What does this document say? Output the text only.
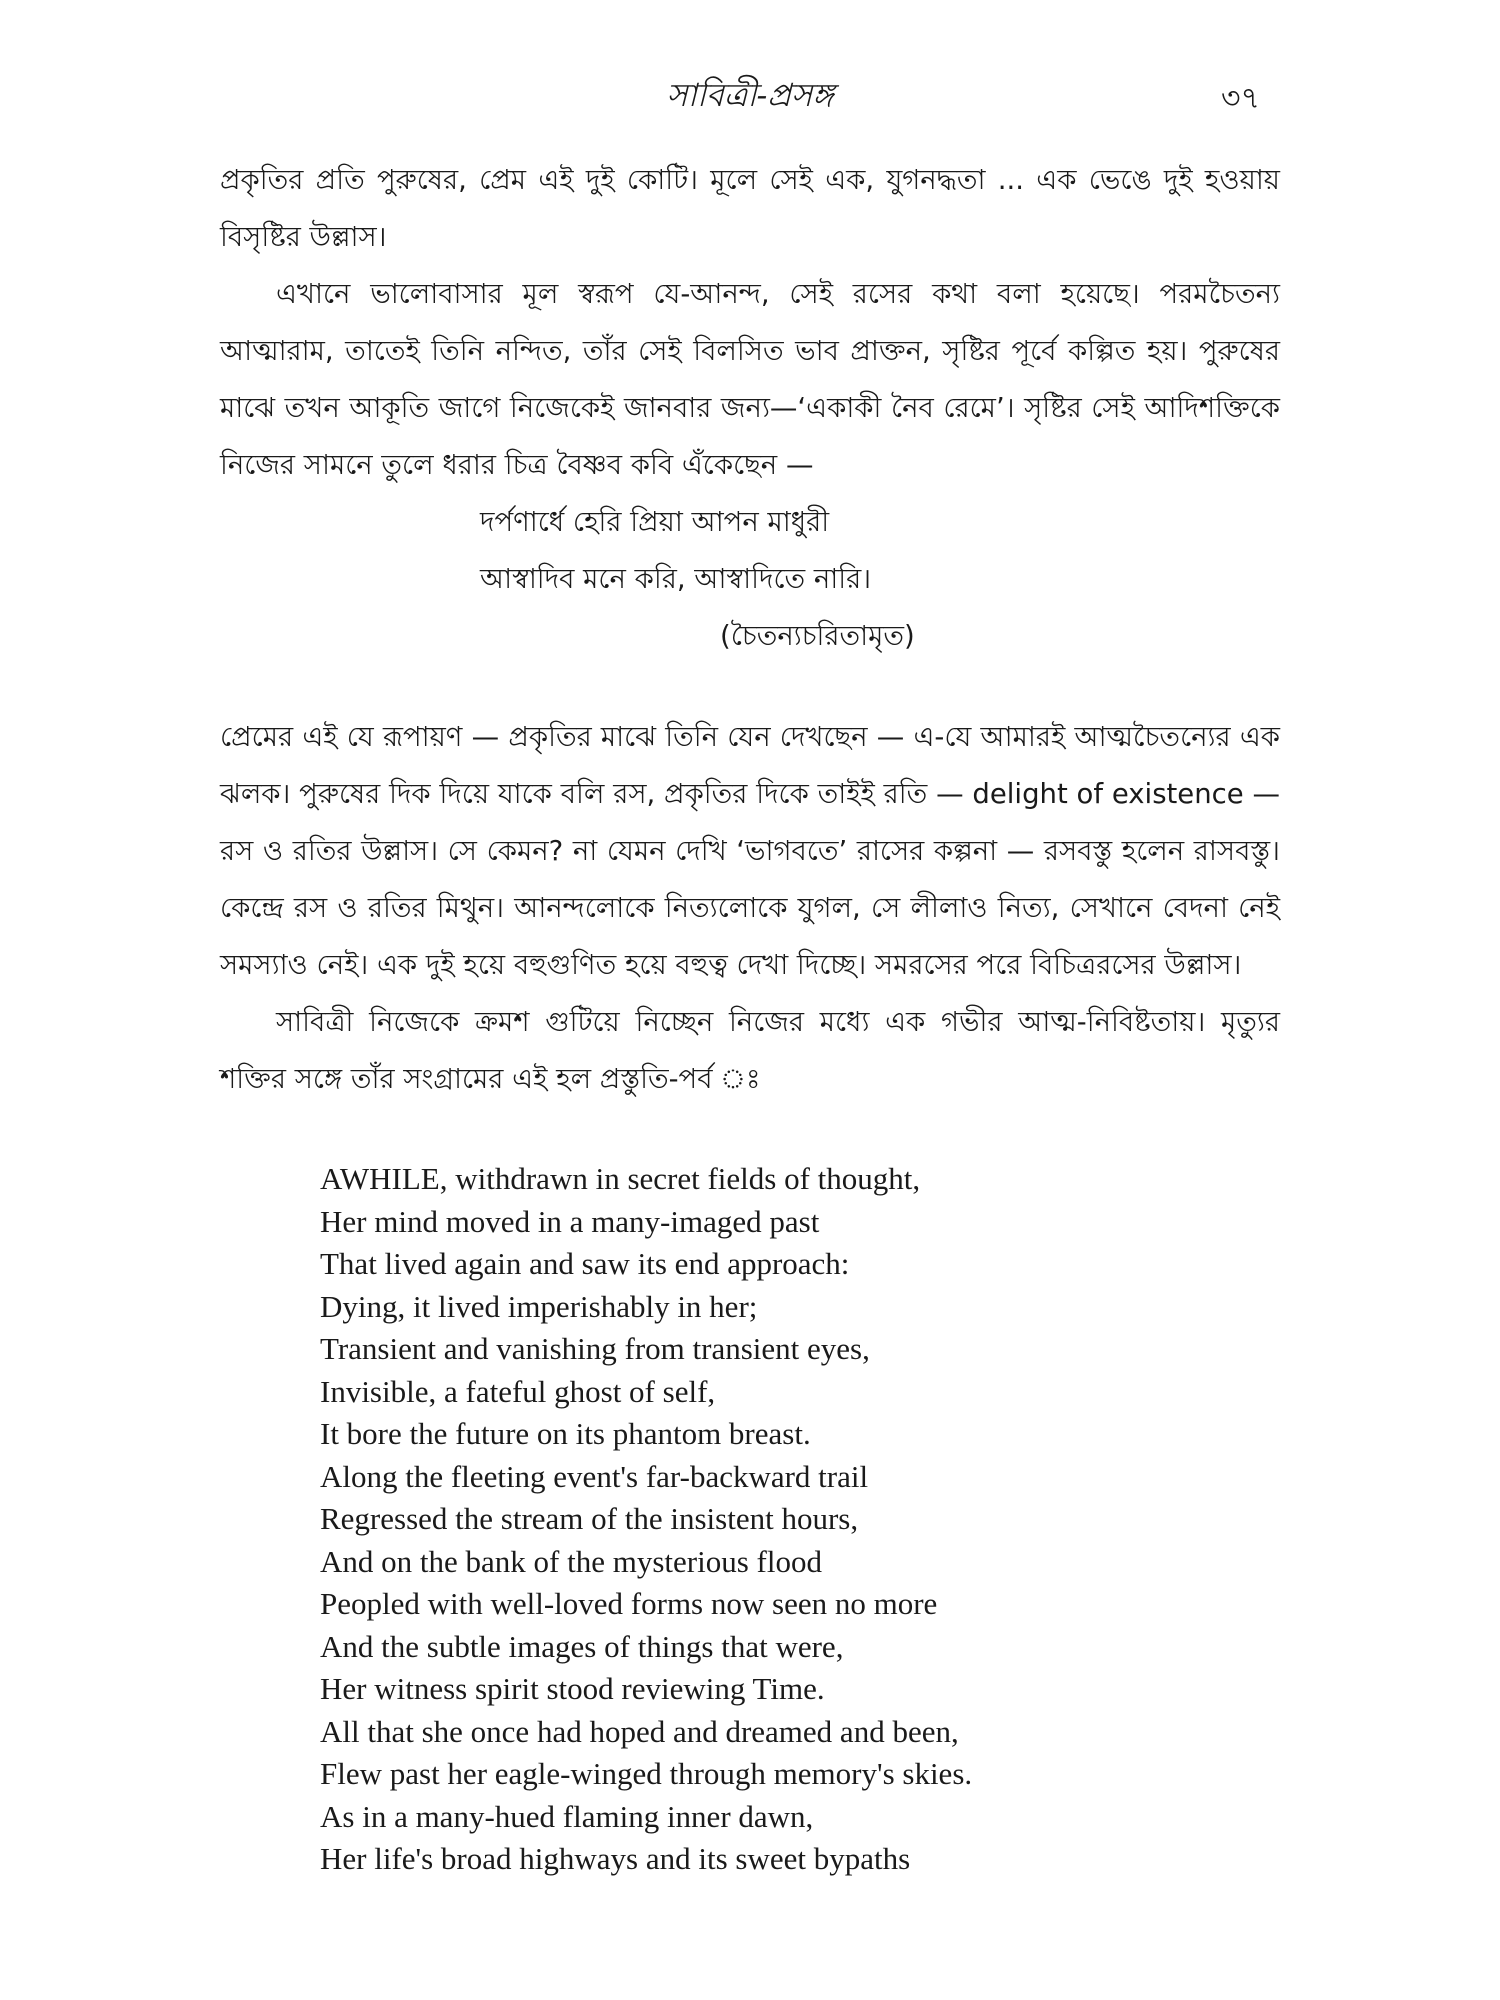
সাবিত্রী-প্রসঙ্গ	৩৭

প্রকৃতির প্রতি পুরুষের, প্রেম এই দুই কোটি। মূলে সেই এক, যুগনদ্ধতা ... এক ভেঙে দুই হওয়ায় বিসৃষ্টির উল্লাস।

এখানে ভালোবাসার মূল স্বরূপ যে-আনন্দ, সেই রসের কথা বলা হয়েছে। পরমচৈতন্য আত্মারাম, তাতেই তিনি নন্দিত, তাঁর সেই বিলসিত ভাব প্রাক্তন, সৃষ্টির পূর্বে কল্পিত হয়। পুরুষের মাঝে তখন আকূতি জাগে নিজেকেই জানবার জন্য—‘একাকী নৈব রেমে’। সৃষ্টির সেই আদিশক্তিকে নিজের সামনে তুলে ধরার চিত্র বৈষ্ণব কবি এঁকেছেন —

দর্পণার্ধে হেরি প্রিয়া আপন মাধুরী
আস্বাদিব মনে করি, আস্বাদিতে নারি।
(চৈতন্যচরিতামৃত)

প্রেমের এই যে রূপায়ণ — প্রকৃতির মাঝে তিনি যেন দেখছেন — এ-যে আমারই আত্মচৈতন্যের এক ঝলক। পুরুষের দিক দিয়ে যাকে বলি রস, প্রকৃতির দিকে তাইই রতি — delight of existence — রস ও রতির উল্লাস। সে কেমন? না যেমন দেখি ‘ভাগবতে’ রাসের কল্পনা — রসবস্তু হলেন রাসবস্তু। কেন্দ্রে রস ও রতির মিথুন। আনন্দলোকে নিত্যলোকে যুগল, সে লীলাও নিত্য, সেখানে বেদনা নেই সমস্যাও নেই। এক দুই হয়ে বহুগুণিত হয়ে বহুত্ব দেখা দিচ্ছে। সমরসের পরে বিচিত্ররসের উল্লাস।

সাবিত্রী নিজেকে ক্রমশ গুটিয়ে নিচ্ছেন নিজের মধ্যে এক গভীর আত্ম-নিবিষ্টতায়। মৃত্যুর শক্তির সঙ্গে তাঁর সংগ্রামের এই হল প্রস্তুতি-পর্ব ঃ

AWHILE, withdrawn in secret fields of thought,
Her mind moved in a many-imaged past
That lived again and saw its end approach:
Dying, it lived imperishably in her;
Transient and vanishing from transient eyes,
Invisible, a fateful ghost of self,
It bore the future on its phantom breast.
Along the fleeting event's far-backward trail
Regressed the stream of the insistent hours,
And on the bank of the mysterious flood
Peopled with well-loved forms now seen no more
And the subtle images of things that were,
Her witness spirit stood reviewing Time.
All that she once had hoped and dreamed and been,
Flew past her eagle-winged through memory's skies.
As in a many-hued flaming inner dawn,
Her life's broad highways and its sweet bypaths
